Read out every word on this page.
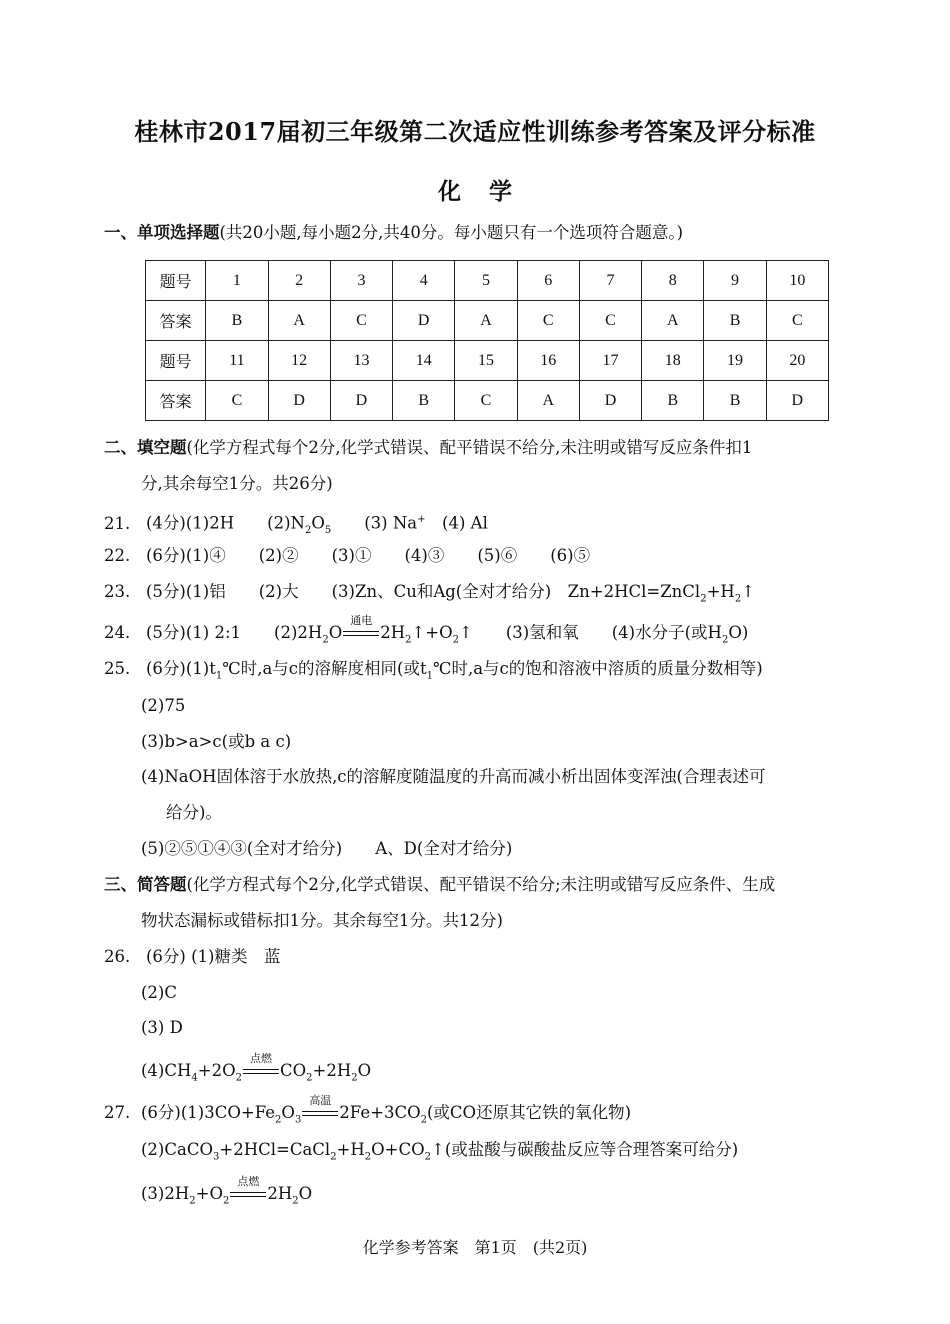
桂林市2017届初三年级第二次适应性训练参考答案及评分标准
化学
一、单项选择题(共20小题,每小题2分,共40分。每小题只有一个选项符合题意。)
题号	1	2	3	4	5	6	7	8	9	10
答案	B	A	C	D	A	C	C	A	B	C
题号	11	12	13	14	15	16	17	18	19	20
答案	C	D	D	B	C	A	D	B	B	D
二、填空题(化学方程式每个2分,化学式错误、配平错误不给分,未注明或错写反应条件扣1
分,其余每空1分。共26分)
21. (4分)(1)2H　　$(2)N_2O_5$　　(3) Na+　(4) Al
22. (6分)(1)④　　(2)②　　(3)①　　(4)③　　(5)⑥　　(6)⑤
23. (5分)(1)铝　　(2)大　　(3)Zn、Cu和Ag(全对才给分)　$Zn+2HCl=ZnCl_2+H_2↑$
24. (5分)(1) 2:1　　$(2)2H_2O$
通电
$2H_2↑+O_2↑$　　(3)氢和氧　　(4)水分子(或$H_2O$)
25. (6分)$(1)t_1℃$时,a与c的溶解度相同(或$t_1℃$时,a与c的饱和溶液中溶质的质量分数相等)
(2)75
(3)b>a>c(或b a c)
(4)NaOH固体溶于水放热,c的溶解度随温度的升高而减小析出固体变浑浊(合理表述可
给分)。
(5)②⑤①④③(全对才给分)　　A、D(全对才给分)
三、简答题(化学方程式每个2分,化学式错误、配平错误不给分;未注明或错写反应条件、生成
物状态漏标或错标扣1分。其余每空1分。共12分)
26. (6分) (1)糖类　蓝
(2)C
(3) D
$(4)CH_4+2O_2$
点燃
$CO_2+2H_2O$
27. (6分)$(1)3CO+Fe_2O_3$
高温
$2Fe+3CO_2$(或CO还原其它铁的氧化物)
$(2)CaCO_3+2HCl=CaCl_2+H_2O+CO_2↑$(或盐酸与碳酸盐反应等合理答案可给分)
$(3)2H_2+O_2$
点燃
$2H_2O$
化学参考答案　第1页　(共2页)
